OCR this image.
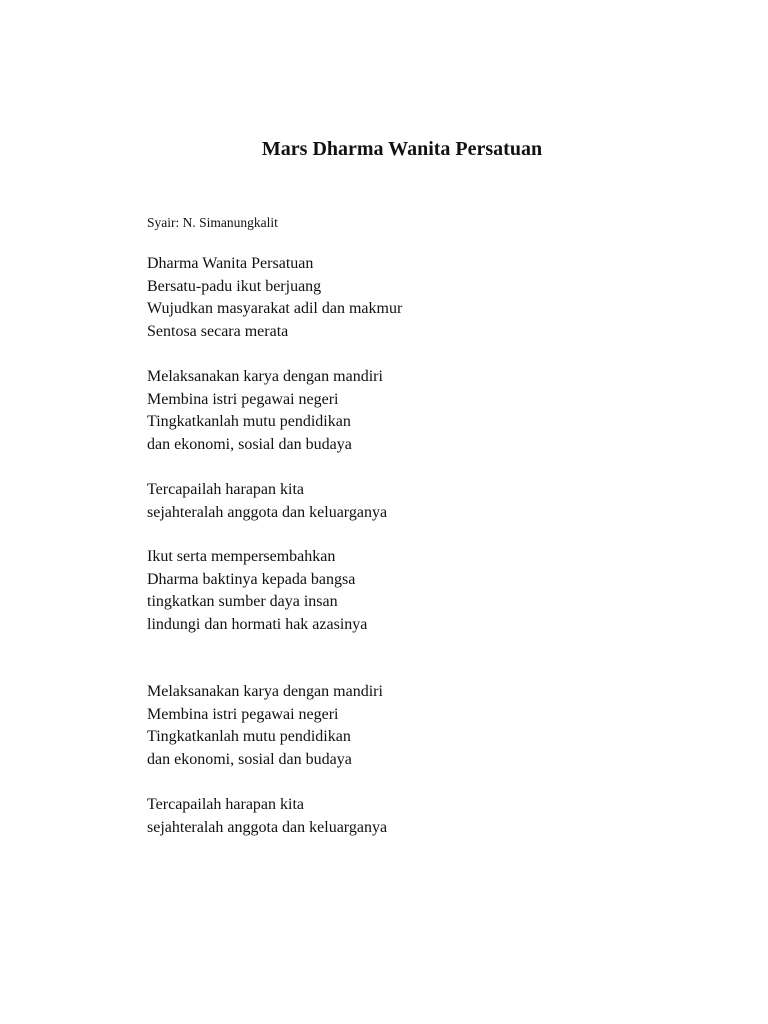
Mars Dharma Wanita Persatuan

Syair: N. Simanungkalit

Dharma Wanita Persatuan
Bersatu-padu ikut berjuang
Wujudkan masyarakat adil dan makmur
Sentosa secara merata
Melaksanakan karya dengan mandiri
Membina istri pegawai negeri
Tingkatkanlah mutu pendidikan
dan ekonomi, sosial dan budaya
Tercapailah harapan kita
sejahteralah anggota dan keluarganya
Ikut serta mempersembahkan
Dharma baktinya kepada bangsa
tingkatkan sumber daya insan
lindungi dan hormati hak azasinya
Melaksanakan karya dengan mandiri
Membina istri pegawai negeri
Tingkatkanlah mutu pendidikan
dan ekonomi, sosial dan budaya
Tercapailah harapan kita
sejahteralah anggota dan keluarganya
